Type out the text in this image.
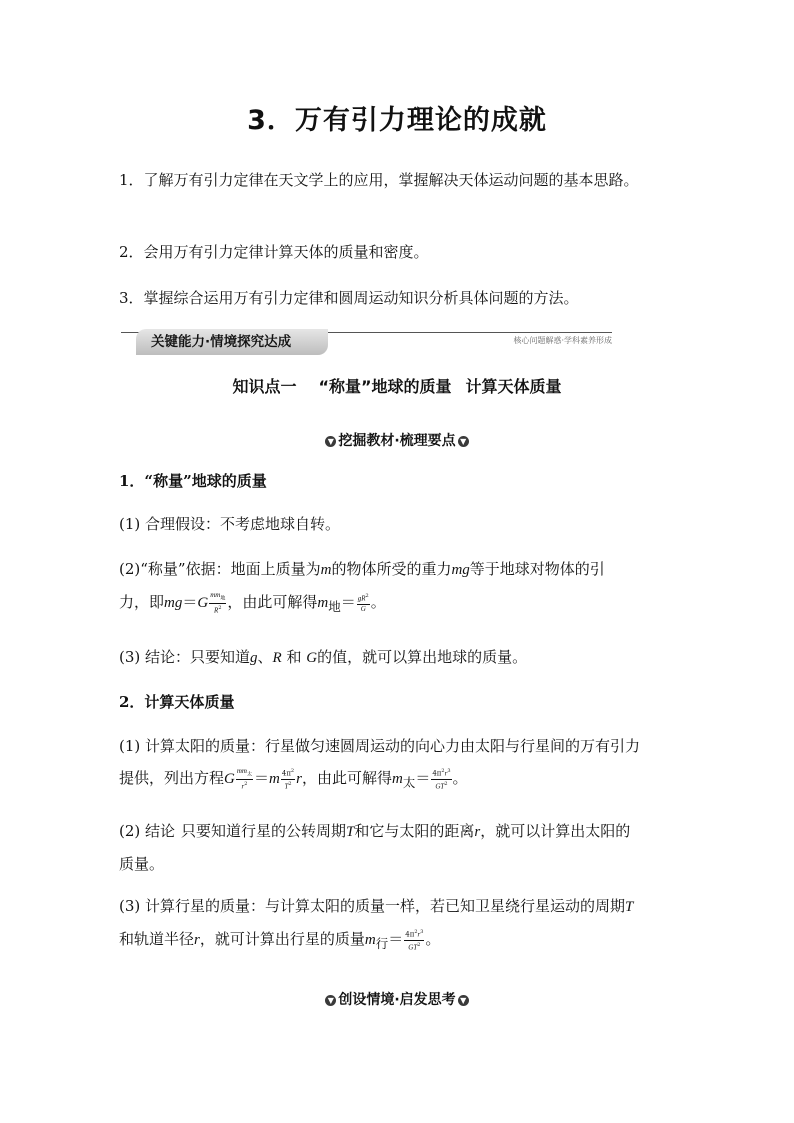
3．万有引力理论的成就
1．了解万有引力定律在天文学上的应用，掌握解决天体运动问题的基本思路。
2．会用万有引力定律计算天体的质量和密度。
3．掌握综合运用万有引力定律和圆周运动知识分析具体问题的方法。
关键能力·情境探究达成	核心问题解惑·学科素养形成
知识点一 “称量”地球的质量 计算天体质量
▼ 挖掘教材·梳理要点 ▼
1．“称量”地球的质量
(1) 合理假设：不考虑地球自转。
(2)“称量”依据：地面上质量为m的物体所受的重力mg等于地球对物体的引
力，即$mg=G \frac{mm_地}{R^2}$ ，由此可解得$m_地= \frac{gR^2}{G}$ 。
(3) 结论：只要知道g、R 和 G的值，就可以算出地球的质量。
2．计算天体质量
(1) 计算太阳的质量：行星做匀速圆周运动的向心力由太阳与行星间的万有引力
提供，列出方程G $\frac{mm_太}{r^2} =m \frac{4\pi^2}{T^2}$ r，由此可解得$m_太= \frac{4\pi^2r^3}{GT^2}$ 。
(2) 结论 只要知道行星的公转周期T和它与太阳的距离r，就可以计算出太阳的
质量。
(3) 计算行星的质量：与计算太阳的质量一样，若已知卫星绕行星运动的周期T
和轨道半径r，就可计算出行星的质量$m_行= \frac{4\pi^2r^3}{GT^2}$ 。
▼ 创设情境·启发思考 ▼
